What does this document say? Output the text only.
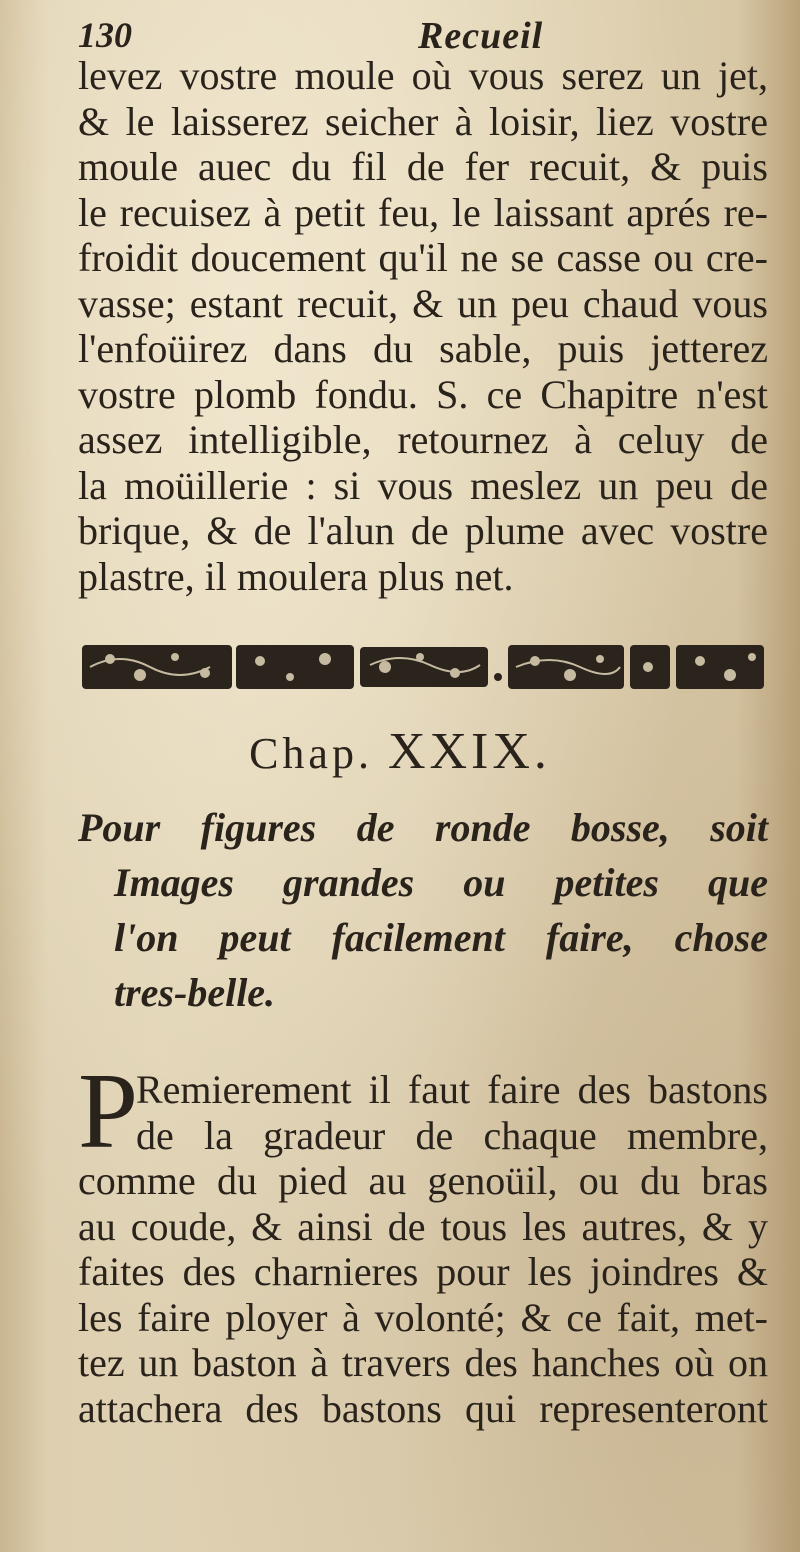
130	Recueil
levez vostre moule où vous serez un jet,
& le laisserez seicher à loisir, liez vostre
moule auec du fil de fer recuit, & puis
le recuisez à petit feu, le laissant aprés re-
froidit doucement qu'il ne se casse ou cre-
vasse; estant recuit, & un peu chaud vous
l'enfoüirez dans du sable, puis jetterez
vostre plomb fondu. S. ce Chapitre n'est
assez intelligible, retournez à celuy de
la moüillerie : si vous meslez un peu de
brique, & de l'alun de plume avec vostre
plastre, il moulera plus net.
Chap. XXIX.
Pour figures de ronde bosse, soit
Images grandes ou petites que
l'on peut facilement faire, chose
tres-belle.
P
Remierement il faut faire des bastons
de la gradeur de chaque membre,
comme du pied au genoüil, ou du bras
au coude, & ainsi de tous les autres, & y
faites des charnieres pour les joindres &
les faire ployer à volonté; & ce fait, met-
tez un baston à travers des hanches où on
attachera des bastons qui representeront
